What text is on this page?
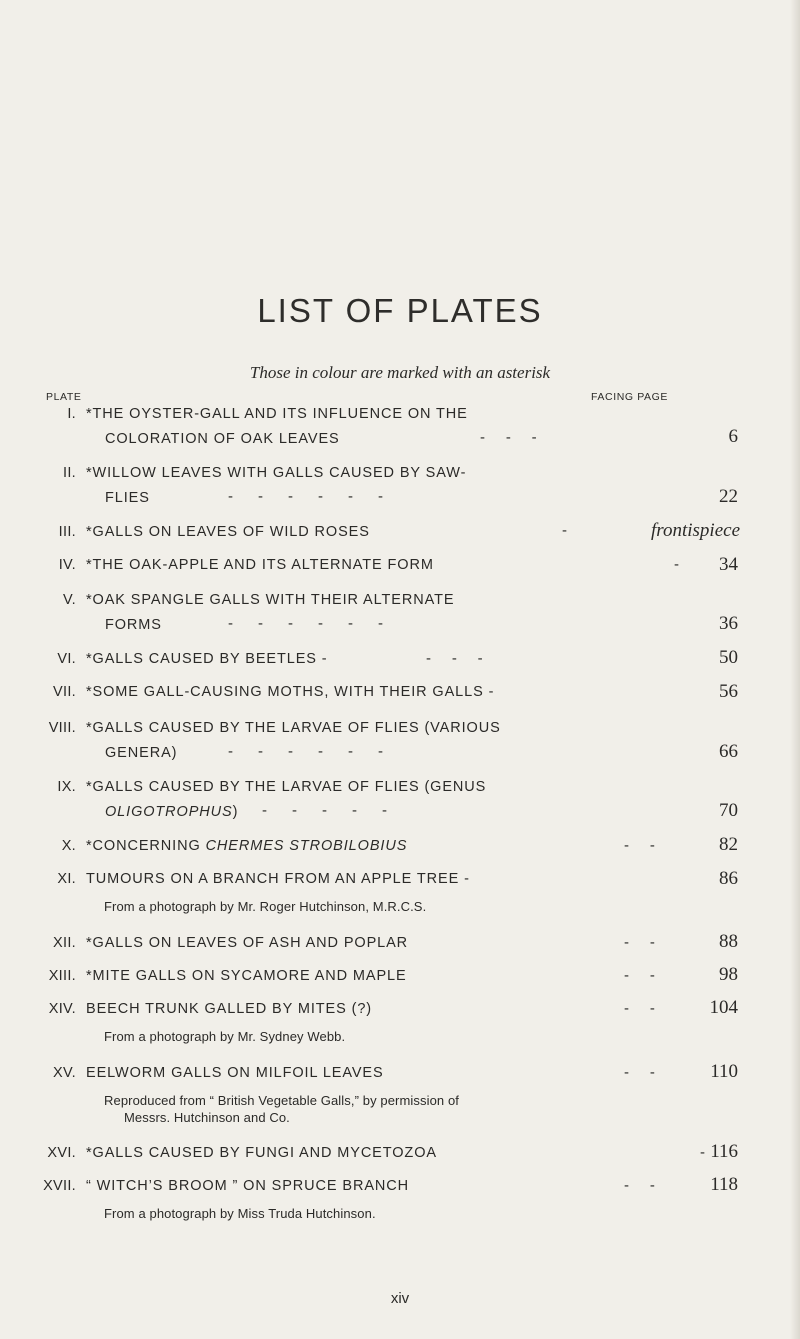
LIST OF PLATES
Those in colour are marked with an asterisk
PLATE	FACING PAGE
I. *THE OYSTER-GALL AND ITS INFLUENCE ON THE
COLORATION OF OAK LEAVES	-     -     -	6
II. *WILLOW LEAVES WITH GALLS CAUSED BY SAW-
FLIES	-      -      -      -      -      -	22
III. *GALLS ON LEAVES OF WILD ROSES	-	frontispiece
IV. *THE OAK-APPLE AND ITS ALTERNATE FORM	- 34
V. *OAK SPANGLE GALLS WITH THEIR ALTERNATE
FORMS	-      -      -      -      -      -	36
VI. *GALLS CAUSED BY BEETLES -	-     -     -	50
VII. *SOME GALL-CAUSING MOTHS, WITH THEIR GALLS -	56
VIII. *GALLS CAUSED BY THE LARVAE OF FLIES (VARIOUS
GENERA)	-      -      -      -      -      -	66
IX. *GALLS CAUSED BY THE LARVAE OF FLIES (GENUS
OLIGOTROPHUS) -      -      -      -      -	70
X. *CONCERNING CHERMES STROBILOBIUS	-     -	82
XI. TUMOURS ON A BRANCH FROM AN APPLE TREE -	86
From a photograph by Mr. Roger Hutchinson, M.R.C.S.
XII. *GALLS ON LEAVES OF ASH AND POPLAR	-     -	88
XIII. *MITE GALLS ON SYCAMORE AND MAPLE	-     -	98
XIV. BEECH TRUNK GALLED BY MITES (?)	-     -	104
From a photograph by Mr. Sydney Webb.
XV. EELWORM GALLS ON MILFOIL LEAVES	-     -	110
Reproduced from “ British Vegetable Galls,” by permission of
Messrs. Hutchinson and Co.
XVI. *GALLS CAUSED BY FUNGI AND MYCETOZOA	- 116
XVII. “ WITCH’S BROOM ” ON SPRUCE BRANCH	-     -	118
From a photograph by Miss Truda Hutchinson.
xiv
